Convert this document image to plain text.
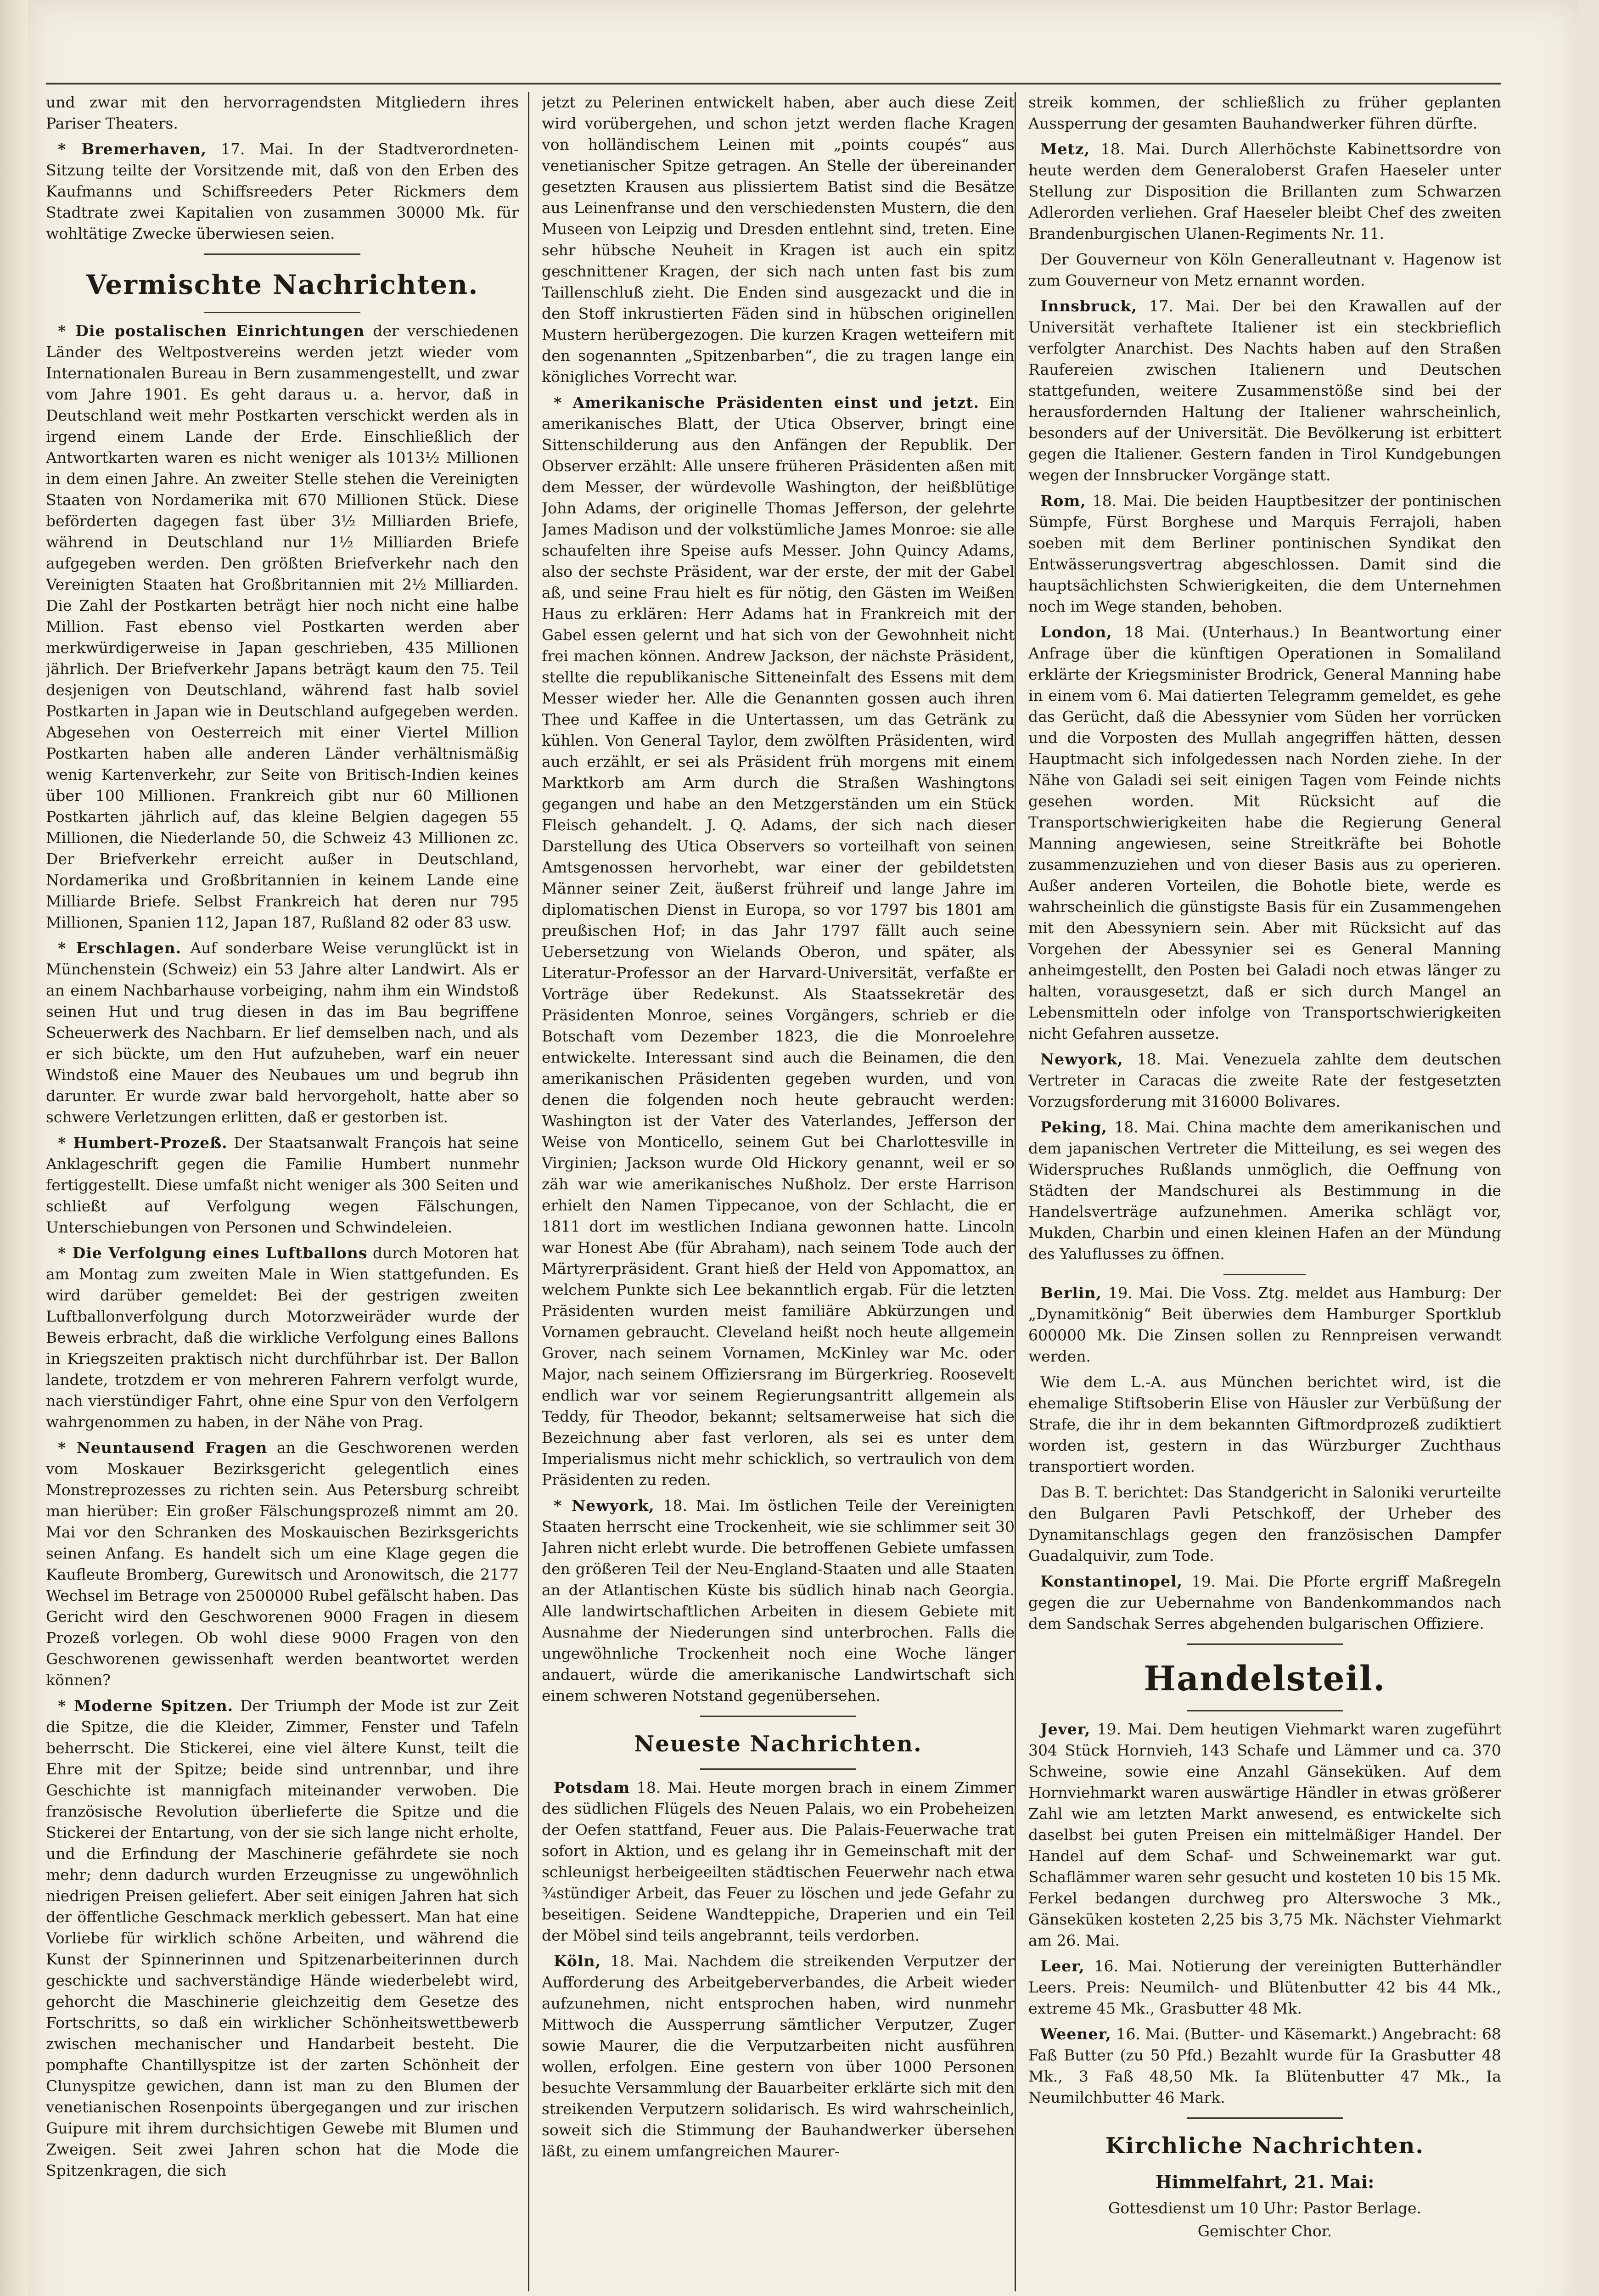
und zwar mit den hervorragendsten Mitgliedern ihres Pariser Theaters.

* Bremerhaven, 17. Mai. In der Stadtverordneten-Sitzung teilte der Vorsitzende mit, daß von den Erben des Kaufmanns und Schiffsreeders Peter Rickmers dem Stadtrate zwei Kapitalien von zusammen 30000 Mk. für wohltätige Zwecke überwiesen seien.

Vermischte Nachrichten.

* Die postalischen Einrichtungen der verschiedenen Länder des Weltpostvereins werden jetzt wieder vom Internationalen Bureau in Bern zusammengestellt, und zwar vom Jahre 1901. Es geht daraus u. a. hervor, daß in Deutschland weit mehr Postkarten verschickt werden als in irgend einem Lande der Erde. Einschließlich der Antwortkarten waren es nicht weniger als 1013½ Millionen in dem einen Jahre. An zweiter Stelle stehen die Vereinigten Staaten von Nordamerika mit 670 Millionen Stück. Diese beförderten dagegen fast über 3½ Milliarden Briefe, während in Deutschland nur 1½ Milliarden Briefe aufgegeben werden. Den größten Briefverkehr nach den Vereinigten Staaten hat Großbritannien mit 2½ Milliarden. Die Zahl der Postkarten beträgt hier noch nicht eine halbe Million. Fast ebenso viel Postkarten werden aber merkwürdigerweise in Japan geschrieben, 435 Millionen jährlich. Der Briefverkehr Japans beträgt kaum den 75. Teil desjenigen von Deutschland, während fast halb soviel Postkarten in Japan wie in Deutschland aufgegeben werden. Abgesehen von Oesterreich mit einer Viertel Million Postkarten haben alle anderen Länder verhältnismäßig wenig Kartenverkehr, zur Seite von Britisch-Indien keines über 100 Millionen. Frankreich gibt nur 60 Millionen Postkarten jährlich auf, das kleine Belgien dagegen 55 Millionen, die Niederlande 50, die Schweiz 43 Millionen zc. Der Briefverkehr erreicht außer in Deutschland, Nordamerika und Großbritannien in keinem Lande eine Milliarde Briefe. Selbst Frankreich hat deren nur 795 Millionen, Spanien 112, Japan 187, Rußland 82 oder 83 usw.

* Erschlagen. Auf sonderbare Weise verunglückt ist in Münchenstein (Schweiz) ein 53 Jahre alter Landwirt. Als er an einem Nachbarhause vorbeiging, nahm ihm ein Windstoß seinen Hut und trug diesen in das im Bau begriffene Scheuerwerk des Nachbarn. Er lief demselben nach, und als er sich bückte, um den Hut aufzuheben, warf ein neuer Windstoß eine Mauer des Neubaues um und begrub ihn darunter. Er wurde zwar bald hervorgeholt, hatte aber so schwere Verletzungen erlitten, daß er gestorben ist.

* Humbert-Prozeß. Der Staatsanwalt François hat seine Anklageschrift gegen die Familie Humbert nunmehr fertiggestellt. Diese umfaßt nicht weniger als 300 Seiten und schließt auf Verfolgung wegen Fälschungen, Unterschiebungen von Personen und Schwindeleien.

* Die Verfolgung eines Luftballons durch Motoren hat am Montag zum zweiten Male in Wien stattgefunden. Es wird darüber gemeldet: Bei der gestrigen zweiten Luftballonverfolgung durch Motorzweiräder wurde der Beweis erbracht, daß die wirkliche Verfolgung eines Ballons in Kriegszeiten praktisch nicht durchführbar ist. Der Ballon landete, trotzdem er von mehreren Fahrern verfolgt wurde, nach vierstündiger Fahrt, ohne eine Spur von den Verfolgern wahrgenommen zu haben, in der Nähe von Prag.

* Neuntausend Fragen an die Geschworenen werden vom Moskauer Bezirksgericht gelegentlich eines Monstreprozesses zu richten sein. Aus Petersburg schreibt man hierüber: Ein großer Fälschungsprozeß nimmt am 20. Mai vor den Schranken des Moskauischen Bezirksgerichts seinen Anfang. Es handelt sich um eine Klage gegen die Kaufleute Bromberg, Gurewitsch und Aronowitsch, die 2177 Wechsel im Betrage von 2500000 Rubel gefälscht haben. Das Gericht wird den Geschworenen 9000 Fragen in diesem Prozeß vorlegen. Ob wohl diese 9000 Fragen von den Geschworenen gewissenhaft werden beantwortet werden können?

* Moderne Spitzen. Der Triumph der Mode ist zur Zeit die Spitze, die die Kleider, Zimmer, Fenster und Tafeln beherrscht. Die Stickerei, eine viel ältere Kunst, teilt die Ehre mit der Spitze; beide sind untrennbar, und ihre Geschichte ist mannigfach miteinander verwoben. Die französische Revolution überlieferte die Spitze und die Stickerei der Entartung, von der sie sich lange nicht erholte, und die Erfindung der Maschinerie gefährdete sie noch mehr; denn dadurch wurden Erzeugnisse zu ungewöhnlich niedrigen Preisen geliefert. Aber seit einigen Jahren hat sich der öffentliche Geschmack merklich gebessert. Man hat eine Vorliebe für wirklich schöne Arbeiten, und während die Kunst der Spinnerinnen und Spitzenarbeiterinnen durch geschickte und sachverständige Hände wiederbelebt wird, gehorcht die Maschinerie gleichzeitig dem Gesetze des Fortschritts, so daß ein wirklicher Schönheitswettbewerb zwischen mechanischer und Handarbeit besteht. Die pomphafte Chantillyspitze ist der zarten Schönheit der Clunyspitze gewichen, dann ist man zu den Blumen der venetianischen Rosenpoints übergegangen und zur irischen Guipure mit ihrem durchsichtigen Gewebe mit Blumen und Zweigen. Seit zwei Jahren schon hat die Mode die Spitzenkragen, die sich

jetzt zu Pelerinen entwickelt haben, aber auch diese Zeit wird vorübergehen, und schon jetzt werden flache Kragen von holländischem Leinen mit „points coupés“ aus venetianischer Spitze getragen. An Stelle der übereinander gesetzten Krausen aus plissiertem Batist sind die Besätze aus Leinenfranse und den verschiedensten Mustern, die den Museen von Leipzig und Dresden entlehnt sind, treten. Eine sehr hübsche Neuheit in Kragen ist auch ein spitz geschnittener Kragen, der sich nach unten fast bis zum Taillenschluß zieht. Die Enden sind ausgezackt und die in den Stoff inkrustierten Fäden sind in hübschen originellen Mustern herübergezogen. Die kurzen Kragen wetteifern mit den sogenannten „Spitzenbarben“, die zu tragen lange ein königliches Vorrecht war.

* Amerikanische Präsidenten einst und jetzt. Ein amerikanisches Blatt, der Utica Observer, bringt eine Sittenschilderung aus den Anfängen der Republik. Der Observer erzählt: Alle unsere früheren Präsidenten aßen mit dem Messer, der würdevolle Washington, der heißblütige John Adams, der originelle Thomas Jefferson, der gelehrte James Madison und der volkstümliche James Monroe: sie alle schaufelten ihre Speise aufs Messer. John Quincy Adams, also der sechste Präsident, war der erste, der mit der Gabel aß, und seine Frau hielt es für nötig, den Gästen im Weißen Haus zu erklären: Herr Adams hat in Frankreich mit der Gabel essen gelernt und hat sich von der Gewohnheit nicht frei machen können. Andrew Jackson, der nächste Präsident, stellte die republikanische Sitteneinfalt des Essens mit dem Messer wieder her. Alle die Genannten gossen auch ihren Thee und Kaffee in die Untertassen, um das Getränk zu kühlen. Von General Taylor, dem zwölften Präsidenten, wird auch erzählt, er sei als Präsident früh morgens mit einem Marktkorb am Arm durch die Straßen Washingtons gegangen und habe an den Metzgerständen um ein Stück Fleisch gehandelt. J. Q. Adams, der sich nach dieser Darstellung des Utica Observers so vorteilhaft von seinen Amtsgenossen hervorhebt, war einer der gebildetsten Männer seiner Zeit, äußerst frühreif und lange Jahre im diplomatischen Dienst in Europa, so vor 1797 bis 1801 am preußischen Hof; in das Jahr 1797 fällt auch seine Uebersetzung von Wielands Oberon, und später, als Literatur-Professor an der Harvard-Universität, verfaßte er Vorträge über Redekunst. Als Staatssekretär des Präsidenten Monroe, seines Vorgängers, schrieb er die Botschaft vom Dezember 1823, die die Monroelehre entwickelte. Interessant sind auch die Beinamen, die den amerikanischen Präsidenten gegeben wurden, und von denen die folgenden noch heute gebraucht werden: Washington ist der Vater des Vaterlandes, Jefferson der Weise von Monticello, seinem Gut bei Charlottesville in Virginien; Jackson wurde Old Hickory genannt, weil er so zäh war wie amerikanisches Nußholz. Der erste Harrison erhielt den Namen Tippecanoe, von der Schlacht, die er 1811 dort im westlichen Indiana gewonnen hatte. Lincoln war Honest Abe (für Abraham), nach seinem Tode auch der Märtyrerpräsident. Grant hieß der Held von Appomattox, an welchem Punkte sich Lee bekanntlich ergab. Für die letzten Präsidenten wurden meist familiäre Abkürzungen und Vornamen gebraucht. Cleveland heißt noch heute allgemein Grover, nach seinem Vornamen, McKinley war Mc. oder Major, nach seinem Offiziersrang im Bürgerkrieg. Roosevelt endlich war vor seinem Regierungsantritt allgemein als Teddy, für Theodor, bekannt; seltsamerweise hat sich die Bezeichnung aber fast verloren, als sei es unter dem Imperialismus nicht mehr schicklich, so vertraulich von dem Präsidenten zu reden.

* Newyork, 18. Mai. Im östlichen Teile der Vereinigten Staaten herrscht eine Trockenheit, wie sie schlimmer seit 30 Jahren nicht erlebt wurde. Die betroffenen Gebiete umfassen den größeren Teil der Neu-England-Staaten und alle Staaten an der Atlantischen Küste bis südlich hinab nach Georgia. Alle landwirtschaftlichen Arbeiten in diesem Gebiete mit Ausnahme der Niederungen sind unterbrochen. Falls die ungewöhnliche Trockenheit noch eine Woche länger andauert, würde die amerikanische Landwirtschaft sich einem schweren Notstand gegenübersehen.

Neueste Nachrichten.

Potsdam 18. Mai. Heute morgen brach in einem Zimmer des südlichen Flügels des Neuen Palais, wo ein Probeheizen der Oefen stattfand, Feuer aus. Die Palais-Feuerwache trat sofort in Aktion, und es gelang ihr in Gemeinschaft mit der schleunigst herbeigeeilten städtischen Feuerwehr nach etwa ¾stündiger Arbeit, das Feuer zu löschen und jede Gefahr zu beseitigen. Seidene Wandteppiche, Draperien und ein Teil der Möbel sind teils angebrannt, teils verdorben.

Köln, 18. Mai. Nachdem die streikenden Verputzer der Aufforderung des Arbeitgeberverbandes, die Arbeit wieder aufzunehmen, nicht entsprochen haben, wird nunmehr Mittwoch die Aussperrung sämtlicher Verputzer, Zuger sowie Maurer, die die Verputzarbeiten nicht ausführen wollen, erfolgen. Eine gestern von über 1000 Personen besuchte Versammlung der Bauarbeiter erklärte sich mit den streikenden Verputzern solidarisch. Es wird wahrscheinlich, soweit sich die Stimmung der Bauhandwerker übersehen läßt, zu einem umfangreichen Maurer-

streik kommen, der schließlich zu früher geplanten Aussperrung der gesamten Bauhandwerker führen dürfte.

Metz, 18. Mai. Durch Allerhöchste Kabinettsordre von heute werden dem Generaloberst Grafen Haeseler unter Stellung zur Disposition die Brillanten zum Schwarzen Adlerorden verliehen. Graf Haeseler bleibt Chef des zweiten Brandenburgischen Ulanen-Regiments Nr. 11.

Der Gouverneur von Köln Generalleutnant v. Hagenow ist zum Gouverneur von Metz ernannt worden.

Innsbruck, 17. Mai. Der bei den Krawallen auf der Universität verhaftete Italiener ist ein steckbrieflich verfolgter Anarchist. Des Nachts haben auf den Straßen Raufereien zwischen Italienern und Deutschen stattgefunden, weitere Zusammenstöße sind bei der herausfordernden Haltung der Italiener wahrscheinlich, besonders auf der Universität. Die Bevölkerung ist erbittert gegen die Italiener. Gestern fanden in Tirol Kundgebungen wegen der Innsbrucker Vorgänge statt.

Rom, 18. Mai. Die beiden Hauptbesitzer der pontinischen Sümpfe, Fürst Borghese und Marquis Ferrajoli, haben soeben mit dem Berliner pontinischen Syndikat den Entwässerungsvertrag abgeschlossen. Damit sind die hauptsächlichsten Schwierigkeiten, die dem Unternehmen noch im Wege standen, behoben.

London, 18 Mai. (Unterhaus.) In Beantwortung einer Anfrage über die künftigen Operationen in Somaliland erklärte der Kriegsminister Brodrick, General Manning habe in einem vom 6. Mai datierten Telegramm gemeldet, es gehe das Gerücht, daß die Abessynier vom Süden her vorrücken und die Vorposten des Mullah angegriffen hätten, dessen Hauptmacht sich infolgedessen nach Norden ziehe. In der Nähe von Galadi sei seit einigen Tagen vom Feinde nichts gesehen worden. Mit Rücksicht auf die Transportschwierigkeiten habe die Regierung General Manning angewiesen, seine Streitkräfte bei Bohotle zusammenzuziehen und von dieser Basis aus zu operieren. Außer anderen Vorteilen, die Bohotle biete, werde es wahrscheinlich die günstigste Basis für ein Zusammengehen mit den Abessyniern sein. Aber mit Rücksicht auf das Vorgehen der Abessynier sei es General Manning anheimgestellt, den Posten bei Galadi noch etwas länger zu halten, vorausgesetzt, daß er sich durch Mangel an Lebensmitteln oder infolge von Transportschwierigkeiten nicht Gefahren aussetze.

Newyork, 18. Mai. Venezuela zahlte dem deutschen Vertreter in Caracas die zweite Rate der festgesetzten Vorzugsforderung mit 316000 Bolivares.

Peking, 18. Mai. China machte dem amerikanischen und dem japanischen Vertreter die Mitteilung, es sei wegen des Widerspruches Rußlands unmöglich, die Oeffnung von Städten der Mandschurei als Bestimmung in die Handelsverträge aufzunehmen. Amerika schlägt vor, Mukden, Charbin und einen kleinen Hafen an der Mündung des Yaluflusses zu öffnen.

Berlin, 19. Mai. Die Voss. Ztg. meldet aus Hamburg: Der „Dynamitkönig“ Beit überwies dem Hamburger Sportklub 600000 Mk. Die Zinsen sollen zu Rennpreisen verwandt werden.

Wie dem L.-A. aus München berichtet wird, ist die ehemalige Stiftsoberin Elise von Häusler zur Verbüßung der Strafe, die ihr in dem bekannten Giftmordprozeß zudiktiert worden ist, gestern in das Würzburger Zuchthaus transportiert worden.

Das B. T. berichtet: Das Standgericht in Saloniki verurteilte den Bulgaren Pavli Petschkoff, der Urheber des Dynamitanschlags gegen den französischen Dampfer Guadalquivir, zum Tode.

Konstantinopel, 19. Mai. Die Pforte ergriff Maßregeln gegen die zur Uebernahme von Bandenkommandos nach dem Sandschak Serres abgehenden bulgarischen Offiziere.

Handelsteil.

Jever, 19. Mai. Dem heutigen Viehmarkt waren zugeführt 304 Stück Hornvieh, 143 Schafe und Lämmer und ca. 370 Schweine, sowie eine Anzahl Gänseküken. Auf dem Hornviehmarkt waren auswärtige Händler in etwas größerer Zahl wie am letzten Markt anwesend, es entwickelte sich daselbst bei guten Preisen ein mittelmäßiger Handel. Der Handel auf dem Schaf- und Schweinemarkt war gut. Schaflämmer waren sehr gesucht und kosteten 10 bis 15 Mk. Ferkel bedangen durchweg pro Alterswoche 3 Mk., Gänseküken kosteten 2,25 bis 3,75 Mk. Nächster Viehmarkt am 26. Mai.

Leer, 16. Mai. Notierung der vereinigten Butterhändler Leers. Preis: Neumilch- und Blütenbutter 42 bis 44 Mk., extreme 45 Mk., Grasbutter 48 Mk.

Weener, 16. Mai. (Butter- und Käsemarkt.) Angebracht: 68 Faß Butter (zu 50 Pfd.) Bezahlt wurde für Ia Grasbutter 48 Mk., 3 Faß 48,50 Mk. Ia Blütenbutter 47 Mk., Ia Neumilchbutter 46 Mark.

Kirchliche Nachrichten.
Himmelfahrt, 21. Mai:

Gottesdienst um 10 Uhr: Pastor Berlage.

Gemischter Chor.
